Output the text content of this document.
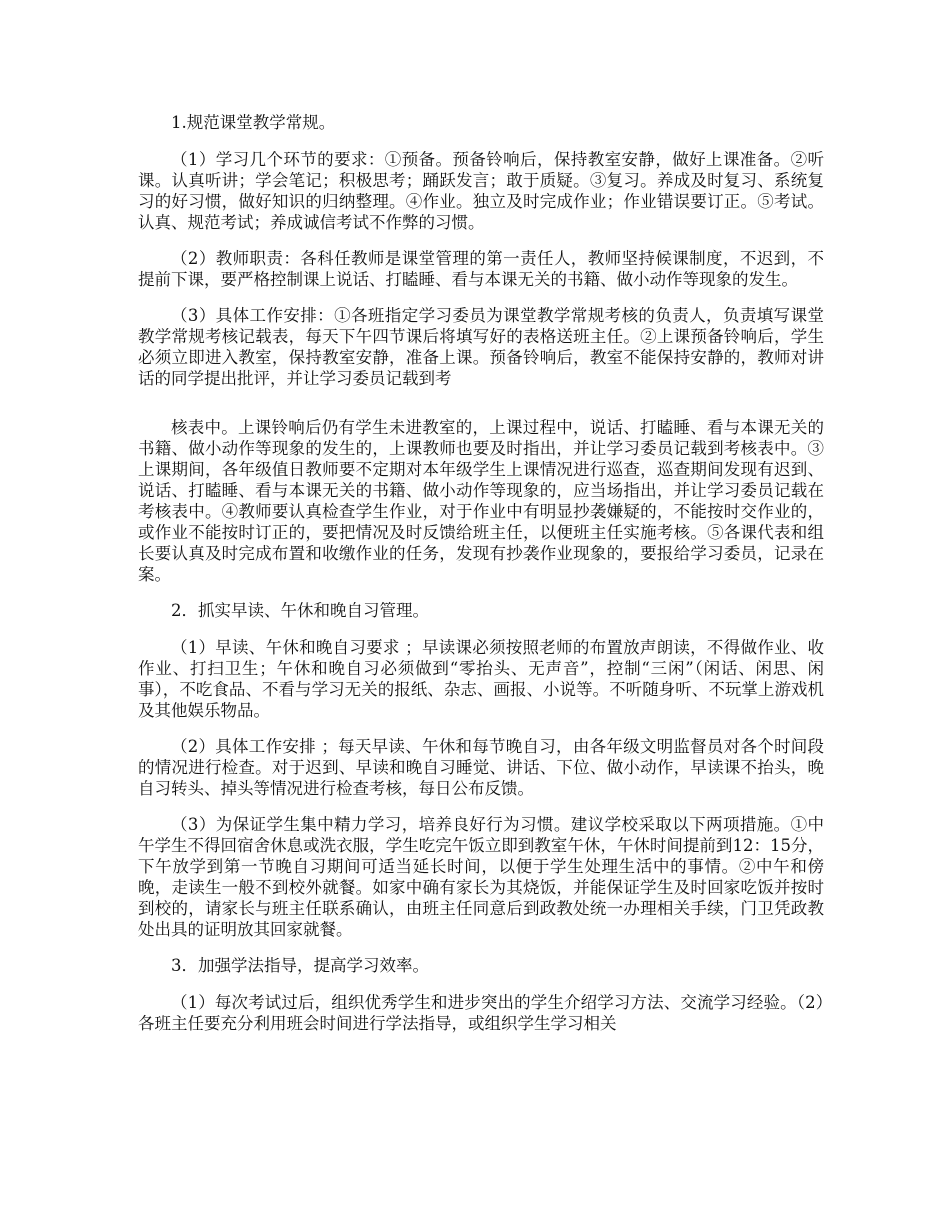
1.规范课堂教学常规。

（1）学习几个环节的要求：①预备。预备铃响后，保持教室安静，做好上课准备。②听课。认真听讲；学会笔记；积极思考；踊跃发言；敢于质疑。③复习。养成及时复习、系统复习的好习惯，做好知识的归纳整理。④作业。独立及时完成作业；作业错误要订正。⑤考试。认真、规范考试；养成诚信考试不作弊的习惯。

（2）教师职责：各科任教师是课堂管理的第一责任人，教师坚持候课制度，不迟到，不提前下课，要严格控制课上说话、打瞌睡、看与本课无关的书籍、做小动作等现象的发生。

（3）具体工作安排：①各班指定学习委员为课堂教学常规考核的负责人，负责填写课堂教学常规考核记载表，每天下午四节课后将填写好的表格送班主任。②上课预备铃响后，学生必须立即进入教室，保持教室安静，准备上课。预备铃响后，教室不能保持安静的，教师对讲话的同学提出批评，并让学习委员记载到考

核表中。上课铃响后仍有学生未进教室的，上课过程中，说话、打瞌睡、看与本课无关的书籍、做小动作等现象的发生的，上课教师也要及时指出，并让学习委员记载到考核表中。③上课期间，各年级值日教师要不定期对本年级学生上课情况进行巡查，巡查期间发现有迟到、说话、打瞌睡、看与本课无关的书籍、做小动作等现象的，应当场指出，并让学习委员记载在考核表中。④教师要认真检查学生作业，对于作业中有明显抄袭嫌疑的，不能按时交作业的，或作业不能按时订正的，要把情况及时反馈给班主任，以便班主任实施考核。⑤各课代表和组长要认真及时完成布置和收缴作业的任务，发现有抄袭作业现象的，要报给学习委员，记录在案。

2．抓实早读、午休和晚自习管理。

（1）早读、午休和晚自习要求 ；早读课必须按照老师的布置放声朗读，不得做作业、收作业、打扫卫生；午休和晚自习必须做到“零抬头、无声音”，控制“三闲”（闲话、闲思、闲事），不吃食品、不看与学习无关的报纸、杂志、画报、小说等。不听随身听、不玩掌上游戏机及其他娱乐物品。

（2）具体工作安排 ；每天早读、午休和每节晚自习，由各年级文明监督员对各个时间段的情况进行检查。对于迟到、早读和晚自习睡觉、讲话、下位、做小动作，早读课不抬头，晚自习转头、掉头等情况进行检查考核，每日公布反馈。

（3）为保证学生集中精力学习，培养良好行为习惯。建议学校采取以下两项措施。①中午学生不得回宿舍休息或洗衣服，学生吃完午饭立即到教室午休，午休时间提前到12：15分，下午放学到第一节晚自习期间可适当延长时间，以便于学生处理生活中的事情。②中午和傍晚，走读生一般不到校外就餐。如家中确有家长为其烧饭，并能保证学生及时回家吃饭并按时到校的，请家长与班主任联系确认，由班主任同意后到政教处统一办理相关手续，门卫凭政教处出具的证明放其回家就餐。

3．加强学法指导，提高学习效率。

（1）每次考试过后，组织优秀学生和进步突出的学生介绍学习方法、交流学习经验。（2）各班主任要充分利用班会时间进行学法指导，或组织学生学习相关
